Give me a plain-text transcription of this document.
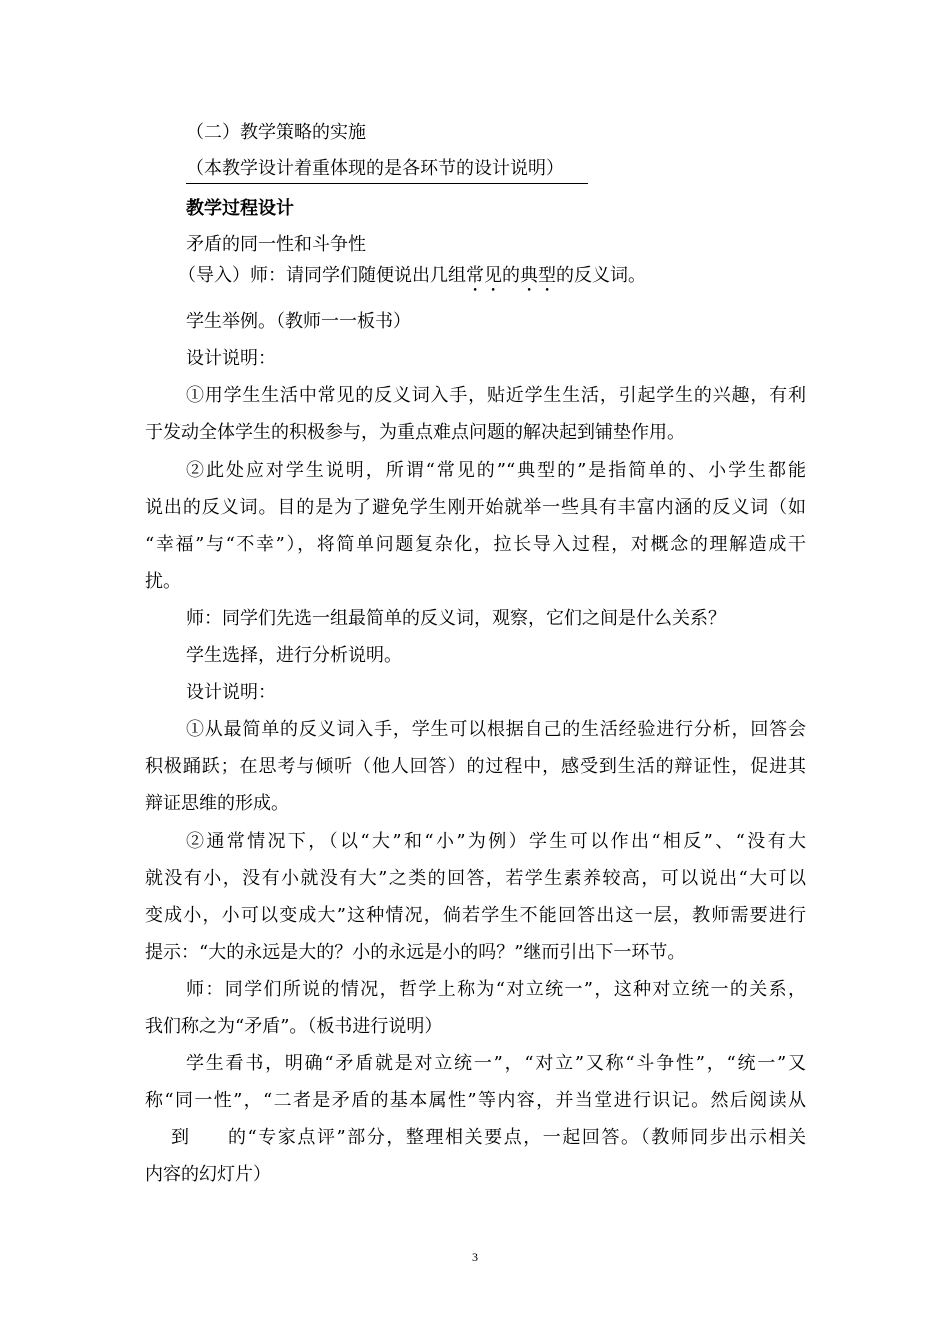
（二）教学策略的实施
（本教学设计着重体现的是各环节的设计说明）
教学过程设计
矛盾的同一性和斗争性
（导入）师：请同学们随便说出几组常见的典型的反义词。
学生举例。（教师一一板书）
设计说明：
①用学生生活中常见的反义词入手，贴近学生生活，引起学生的兴趣，有利
于发动全体学生的积极参与，为重点难点问题的解决起到铺垫作用。
②此处应对学生说明，所谓“常见的”“典型的”是指简单的、小学生都能
说出的反义词。目的是为了避免学生刚开始就举一些具有丰富内涵的反义词（如
“幸福”与“不幸”），将简单问题复杂化，拉长导入过程，对概念的理解造成干
扰。
师：同学们先选一组最简单的反义词，观察，它们之间是什么关系？
学生选择，进行分析说明。
设计说明：
①从最简单的反义词入手，学生可以根据自己的生活经验进行分析，回答会
积极踊跃；在思考与倾听（他人回答）的过程中，感受到生活的辩证性，促进其
辩证思维的形成。
②通常情况下，（以“大”和“小”为例）学生可以作出“相反”、“没有大
就没有小，没有小就没有大”之类的回答，若学生素养较高，可以说出“大可以
变成小，小可以变成大”这种情况，倘若学生不能回答出这一层，教师需要进行
提示：“大的永远是大的？小的永远是小的吗？”继而引出下一环节。
师：同学们所说的情况，哲学上称为“对立统一”，这种对立统一的关系，
我们称之为“矛盾”。（板书进行说明）
学生看书，明确“矛盾就是对立统一”，“对立”又称“斗争性”，“统一”又
称“同一性”，“二者是矛盾的基本属性”等内容，并当堂进行识记。然后阅读从
到 的“专家点评”部分，整理相关要点，一起回答。（教师同步出示相关
内容的幻灯片）
3
